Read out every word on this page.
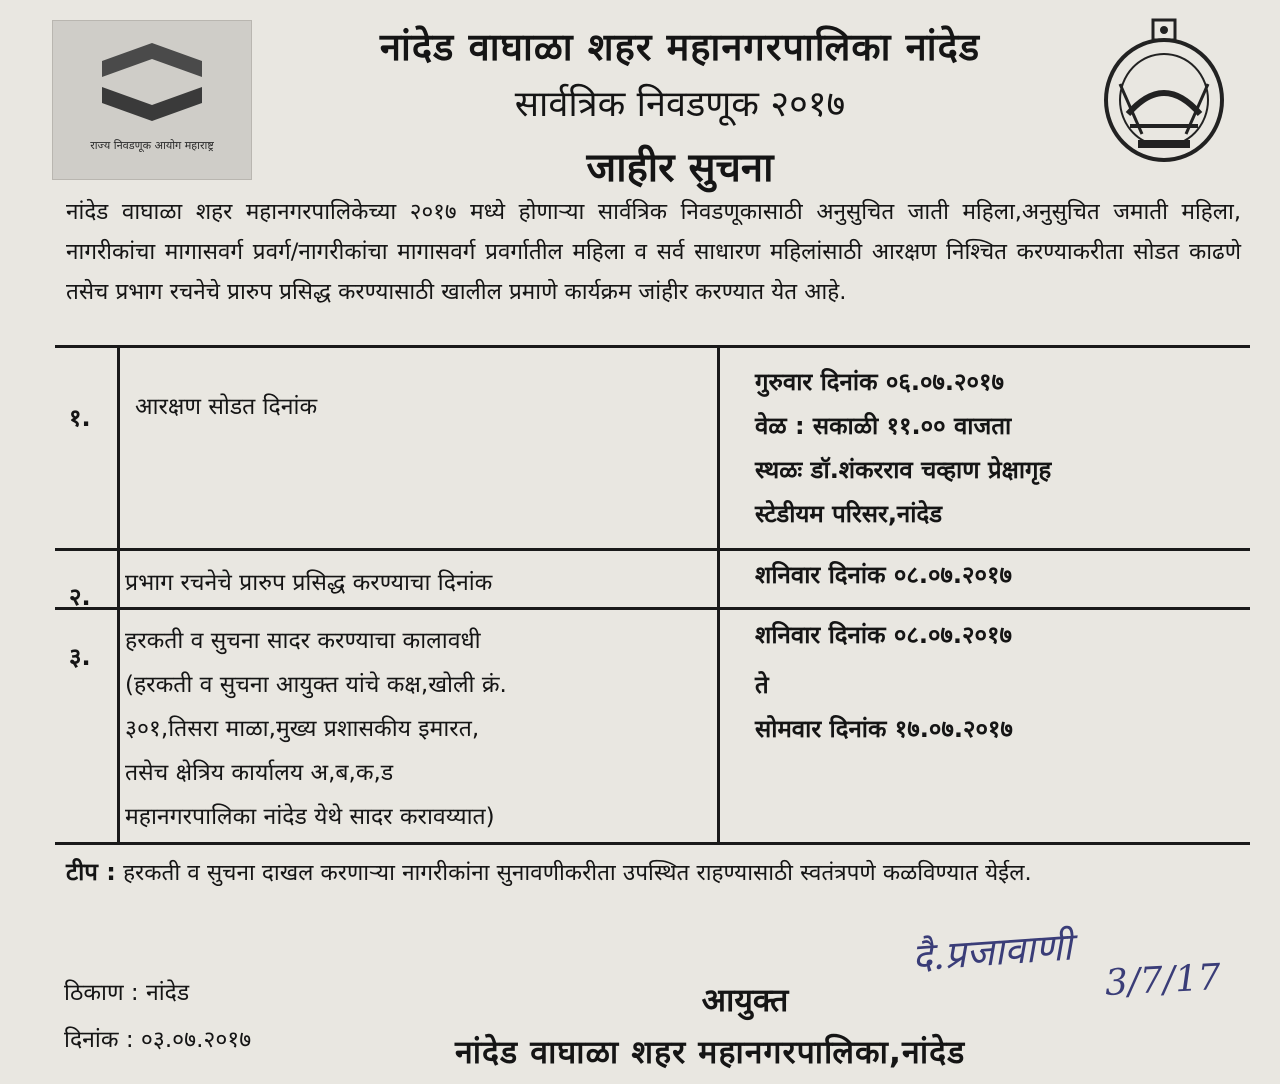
राज्य निवडणूक आयोग महाराष्ट्र
नांदेड वाघाळा शहर महानगरपालिका नांदेड
सार्वत्रिक निवडणूक २०१७
जाहीर सुचना
नांदेड वाघाळा शहर महानगरपालिकेच्या २०१७ मध्ये होणाऱ्या सार्वत्रिक निवडणूकासाठी अनुसुचित जाती महिला,अनुसुचित जमाती महिला, नागरीकांचा मागासवर्ग प्रवर्ग/नागरीकांचा मागासवर्ग प्रवर्गातील महिला व सर्व साधारण महिलांसाठी आरक्षण निश्चित करण्याकरीता सोडत काढणे तसेच प्रभाग रचनेचे प्रारुप प्रसिद्ध करण्यासाठी खालील प्रमाणे कार्यक्रम जांहीर करण्यात येत आहे.
१. आरक्षण सोडत दिनांक
गुरुवार दिनांक ०६.०७.२०१७
वेळ : सकाळी ११.०० वाजता
स्थळः डॉ.शंकरराव चव्हाण प्रेक्षागृह
स्टेडीयम परिसर,नांदेड
२. प्रभाग रचनेचे प्रारुप प्रसिद्ध करण्याचा दिनांक	शनिवार दिनांक ०८.०७.२०१७
३.
हरकती व सुचना सादर करण्याचा कालावधी
(हरकती व सुचना आयुक्त यांचे कक्ष,खोली क्रं.
३०१,तिसरा माळा,मुख्य प्रशासकीय इमारत,
तसेच क्षेत्रिय कार्यालय अ,ब,क,ड
महानगरपालिका नांदेड येथे सादर करावय्यात)
शनिवार दिनांक ०८.०७.२०१७
ते
सोमवार दिनांक १७.०७.२०१७
टीप : हरकती व सुचना दाखल करणाऱ्या नागरीकांना सुनावणीकरीता उपस्थित राहण्यासाठी स्वतंत्रपणे कळविण्यात येईल.
दै.प्रजावाणी
3/7/17
ठिकाण : नांदेड
दिनांक : ०३.०७.२०१७
आयुक्त
नांदेड वाघाळा शहर महानगरपालिका,नांदेड
